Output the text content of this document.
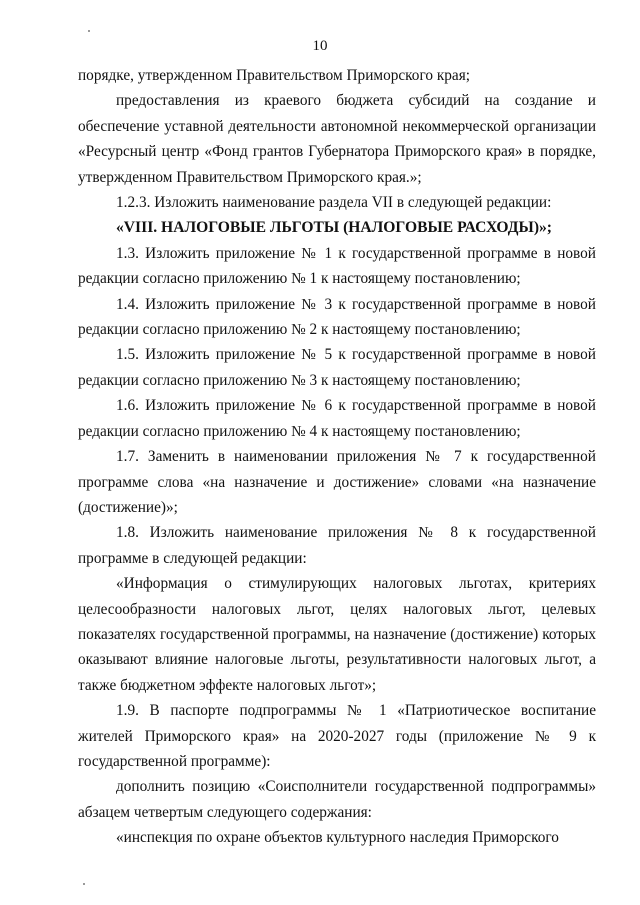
10

порядке, утвержденном Правительством Приморского края;

предоставления из краевого бюджета субсидий на создание и обеспечение уставной деятельности автономной некоммерческой организации «Ресурсный центр «Фонд грантов Губернатора Приморского края» в порядке, утвержденном Правительством Приморского края.»;

1.2.3. Изложить наименование раздела VII в следующей редакции:

«VIII. НАЛОГОВЫЕ ЛЬГОТЫ (НАЛОГОВЫЕ РАСХОДЫ)»;

1.3. Изложить приложение № 1 к государственной программе в новой редакции согласно приложению № 1 к настоящему постановлению;

1.4. Изложить приложение № 3 к государственной программе в новой редакции согласно приложению № 2 к настоящему постановлению;

1.5. Изложить приложение № 5 к государственной программе в новой редакции согласно приложению № 3 к настоящему постановлению;

1.6. Изложить приложение № 6 к государственной программе в новой редакции согласно приложению № 4 к настоящему постановлению;

1.7. Заменить в наименовании приложения № 7 к государственной программе слова «на назначение и достижение» словами «на назначение (достижение)»;

1.8. Изложить наименование приложения № 8 к государственной программе в следующей редакции:

«Информация о стимулирующих налоговых льготах, критериях целесообразности налоговых льгот, целях налоговых льгот, целевых показателях государственной программы, на назначение (достижение) которых оказывают влияние налоговые льготы, результативности налоговых льгот, а также бюджетном эффекте налоговых льгот»;

1.9. В паспорте подпрограммы № 1 «Патриотическое воспитание жителей Приморского края» на 2020-2027 годы (приложение № 9 к государственной программе):

дополнить позицию «Соисполнители государственной подпрограммы» абзацем четвертым следующего содержания:

«инспекция по охране объектов культурного наследия Приморского
